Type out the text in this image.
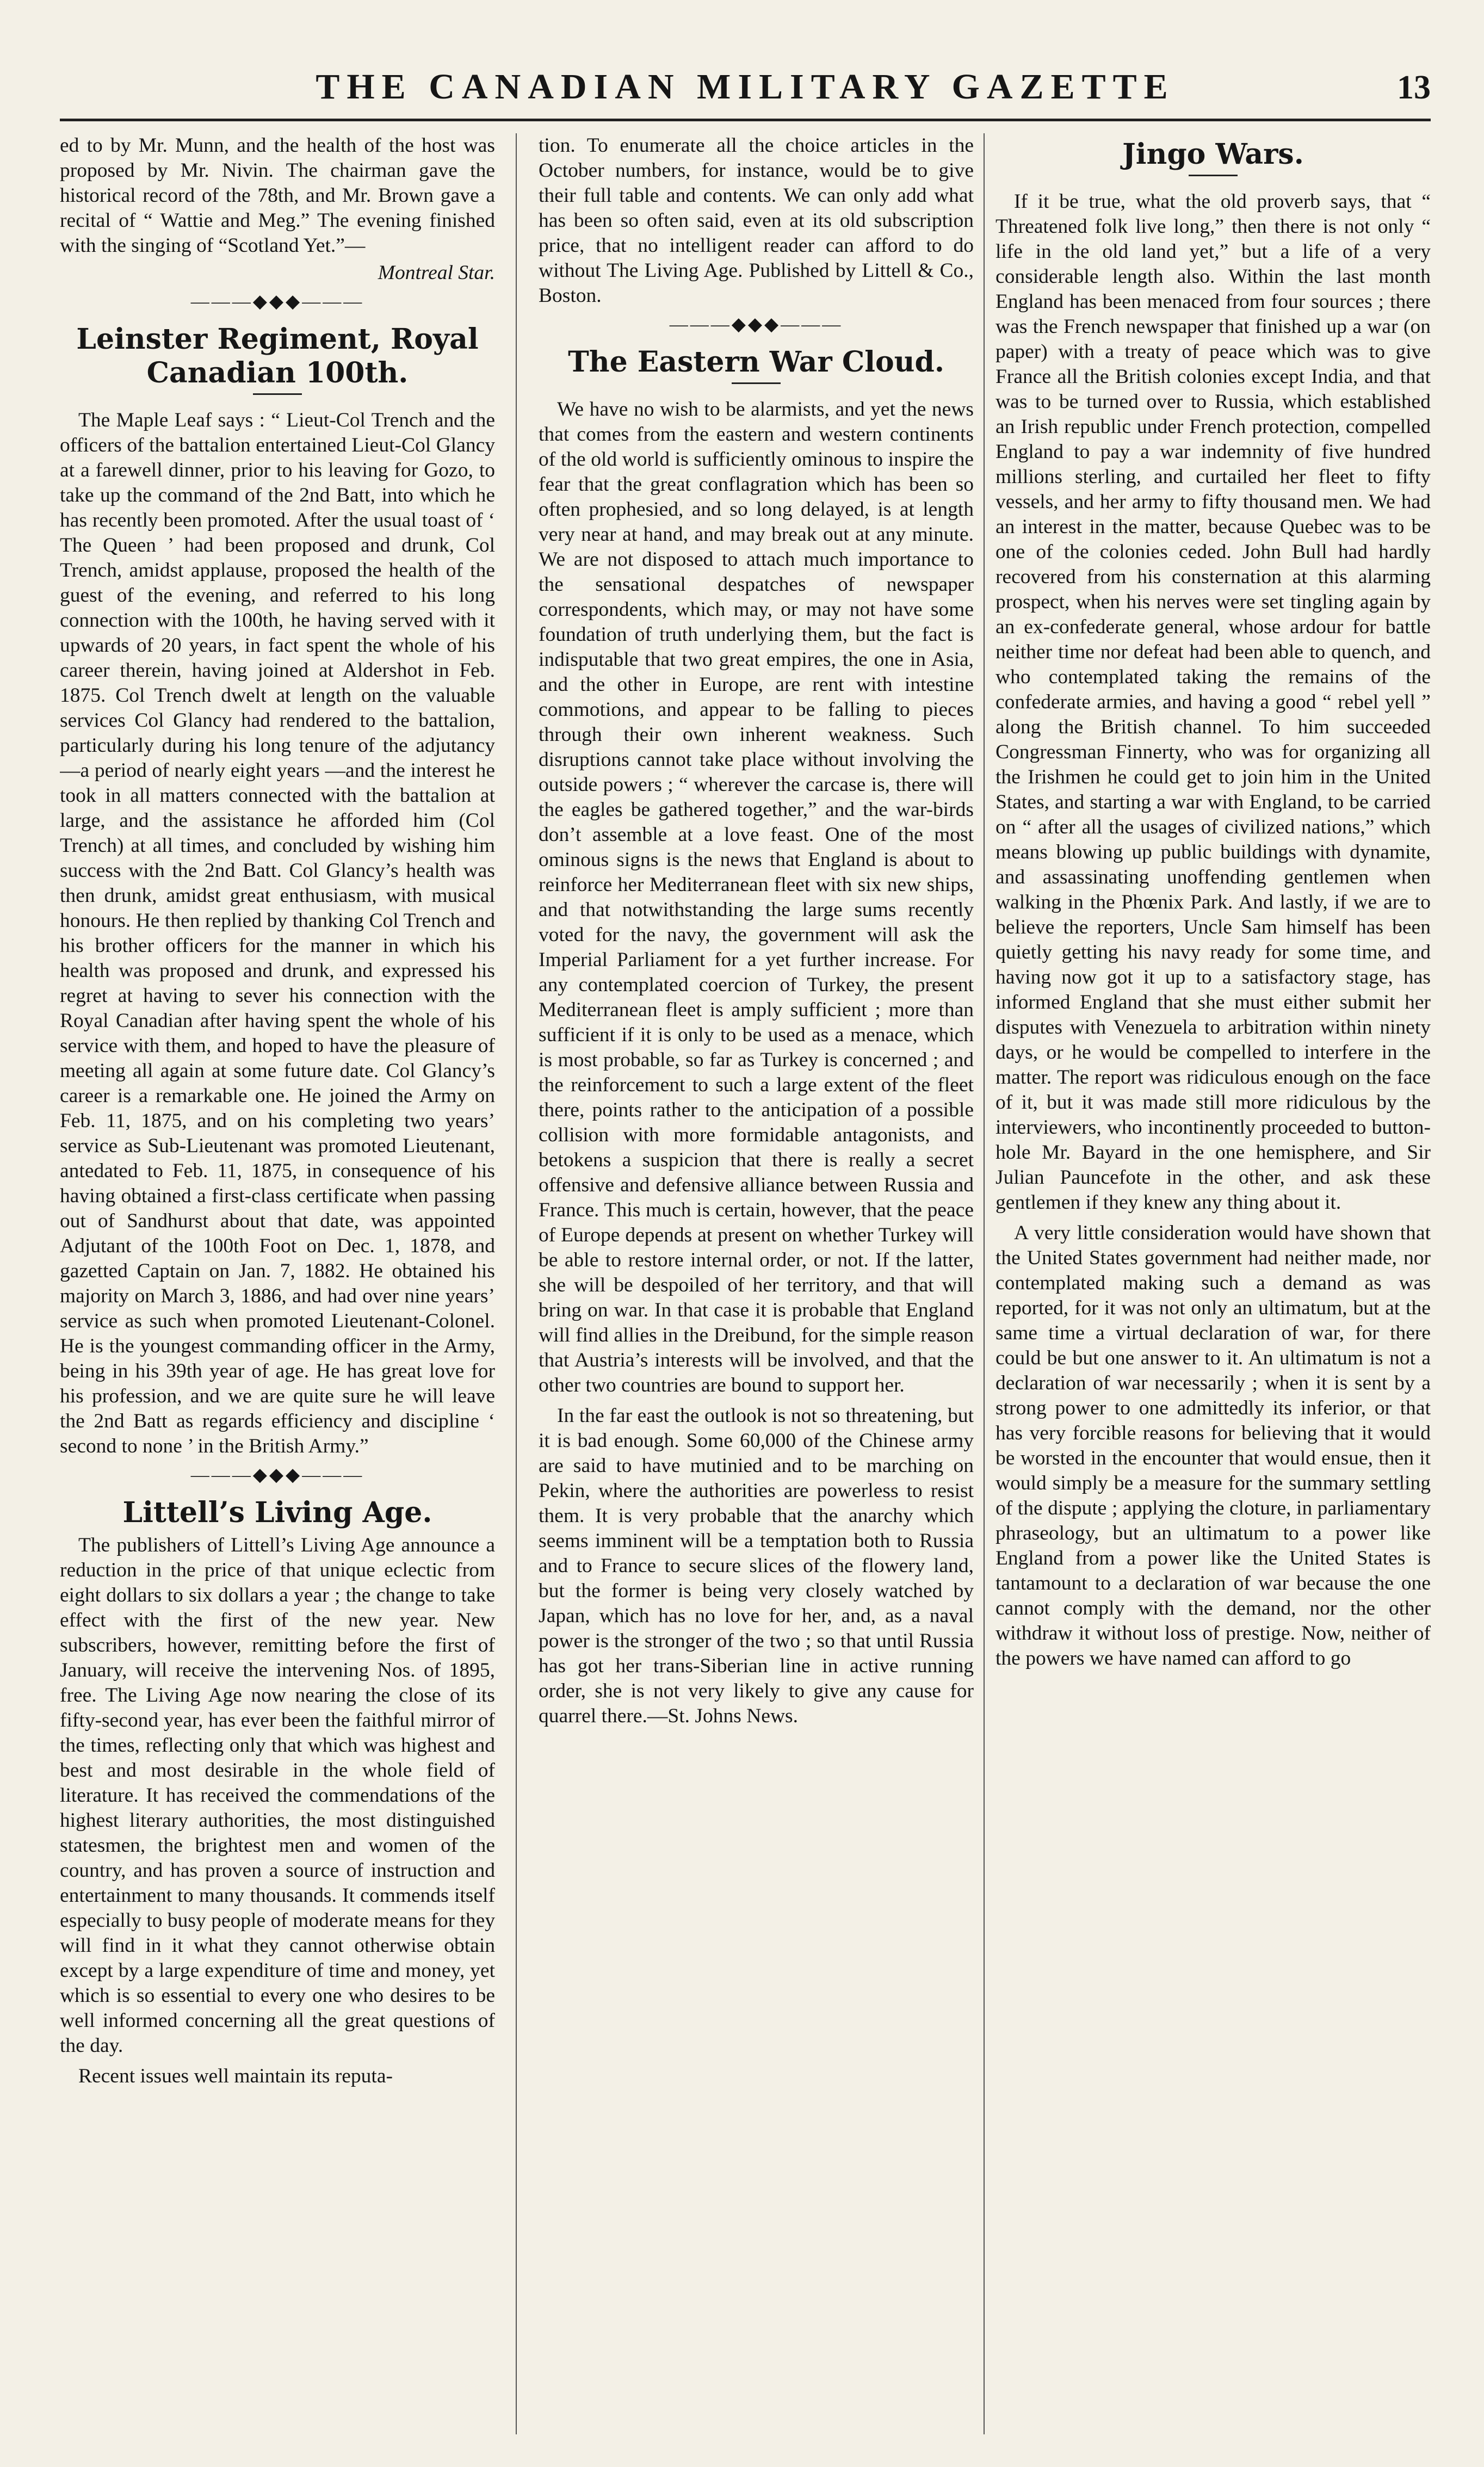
THE CANADIAN MILITARY GAZETTE	13

ed to by Mr. Munn, and the health of the host was proposed by Mr. Nivin. The chairman gave the historical record of the 78th, and Mr. Brown gave a recital of “ Wattie and Meg.” The evening finished with the singing of “Scotland Yet.”—

Montreal Star.

———◆◆◆———
Leinster Regiment, Royal Canadian 100th.

The Maple Leaf says : “ Lieut-Col Trench and the officers of the battalion entertained Lieut-Col Glancy at a farewell dinner, prior to his leaving for Gozo, to take up the command of the 2nd Batt, into which he has recently been promoted. After the usual toast of ‘ The Queen ’ had been proposed and drunk, Col Trench, amidst applause, proposed the health of the guest of the evening, and referred to his long connection with the 100th, he having served with it upwards of 20 years, in fact spent the whole of his career therein, having joined at Aldershot in Feb. 1875. Col Trench dwelt at length on the valuable services Col Glancy had rendered to the battalion, particularly during his long tenure of the adjutancy—a period of nearly eight years —and the interest he took in all matters connected with the battalion at large, and the assistance he afforded him (Col Trench) at all times, and concluded by wishing him success with the 2nd Batt. Col Glancy’s health was then drunk, amidst great enthusiasm, with musical honours. He then replied by thanking Col Trench and his brother officers for the manner in which his health was proposed and drunk, and expressed his regret at having to sever his connection with the Royal Canadian after having spent the whole of his service with them, and hoped to have the pleasure of meeting all again at some future date. Col Glancy’s career is a remarkable one. He joined the Army on Feb. 11, 1875, and on his completing two years’ service as Sub-Lieutenant was promoted Lieutenant, antedated to Feb. 11, 1875, in consequence of his having obtained a first-class certificate when passing out of Sandhurst about that date, was appointed Adjutant of the 100th Foot on Dec. 1, 1878, and gazetted Captain on Jan. 7, 1882. He obtained his majority on March 3, 1886, and had over nine years’ service as such when promoted Lieutenant-Colonel. He is the youngest commanding officer in the Army, being in his 39th year of age. He has great love for his profession, and we are quite sure he will leave the 2nd Batt as regards efficiency and discipline ‘ second to none ’ in the British Army.”

———◆◆◆———
Littell’s Living Age.

The publishers of Littell’s Living Age announce a reduction in the price of that unique eclectic from eight dollars to six dollars a year ; the change to take effect with the first of the new year. New subscribers, however, remitting before the first of January, will receive the intervening Nos. of 1895, free. The Living Age now nearing the close of its fifty-second year, has ever been the faithful mirror of the times, reflecting only that which was highest and best and most desirable in the whole field of literature. It has received the commendations of the highest literary authorities, the most distinguished statesmen, the brightest men and women of the country, and has proven a source of instruction and entertainment to many thousands. It commends itself especially to busy people of moderate means for they will find in it what they cannot otherwise obtain except by a large expenditure of time and money, yet which is so essential to every one who desires to be well informed concerning all the great questions of the day.

Recent issues well maintain its reputa-

tion. To enumerate all the choice articles in the October numbers, for instance, would be to give their full table and contents. We can only add what has been so often said, even at its old subscription price, that no intelligent reader can afford to do without The Living Age. Published by Littell & Co., Boston.

———◆◆◆———
The Eastern War Cloud.

We have no wish to be alarmists, and yet the news that comes from the eastern and western continents of the old world is sufficiently ominous to inspire the fear that the great conflagration which has been so often prophesied, and so long delayed, is at length very near at hand, and may break out at any minute. We are not disposed to attach much importance to the sensational despatches of newspaper correspondents, which may, or may not have some foundation of truth underlying them, but the fact is indisputable that two great empires, the one in Asia, and the other in Europe, are rent with intestine commotions, and appear to be falling to pieces through their own inherent weakness. Such disruptions cannot take place without involving the outside powers ; “ wherever the carcase is, there will the eagles be gathered together,” and the war-birds don’t assemble at a love feast. One of the most ominous signs is the news that England is about to reinforce her Mediterranean fleet with six new ships, and that notwithstanding the large sums recently voted for the navy, the government will ask the Imperial Parliament for a yet further increase. For any contemplated coercion of Turkey, the present Mediterranean fleet is amply sufficient ; more than sufficient if it is only to be used as a menace, which is most probable, so far as Turkey is concerned ; and the reinforcement to such a large extent of the fleet there, points rather to the anticipation of a possible collision with more formidable antagonists, and betokens a suspicion that there is really a secret offensive and defensive alliance between Russia and France. This much is certain, however, that the peace of Europe depends at present on whether Turkey will be able to restore internal order, or not. If the latter, she will be despoiled of her territory, and that will bring on war. In that case it is probable that England will find allies in the Dreibund, for the simple reason that Austria’s interests will be involved, and that the other two countries are bound to support her.

In the far east the outlook is not so threatening, but it is bad enough. Some 60,000 of the Chinese army are said to have mutinied and to be marching on Pekin, where the authorities are powerless to resist them. It is very probable that the anarchy which seems imminent will be a temptation both to Russia and to France to secure slices of the flowery land, but the former is being very closely watched by Japan, which has no love for her, and, as a naval power is the stronger of the two ; so that until Russia has got her trans-Siberian line in active running order, she is not very likely to give any cause for quarrel there.—St. Johns News.

Jingo Wars.

If it be true, what the old proverb says, that “ Threatened folk live long,” then there is not only “ life in the old land yet,” but a life of a very considerable length also. Within the last month England has been menaced from four sources ; there was the French newspaper that finished up a war (on paper) with a treaty of peace which was to give France all the British colonies except India, and that was to be turned over to Russia, which established an Irish republic under French protection, compelled England to pay a war indemnity of five hundred millions sterling, and curtailed her fleet to fifty vessels, and her army to fifty thousand men. We had an interest in the matter, because Quebec was to be one of the colonies ceded. John Bull had hardly recovered from his consternation at this alarming prospect, when his nerves were set tingling again by an ex-confederate general, whose ardour for battle neither time nor defeat had been able to quench, and who contemplated taking the remains of the confederate armies, and having a good “ rebel yell ” along the British channel. To him succeeded Congressman Finnerty, who was for organizing all the Irishmen he could get to join him in the United States, and starting a war with England, to be carried on “ after all the usages of civilized nations,” which means blowing up public buildings with dynamite, and assassinating unoffending gentlemen when walking in the Phœnix Park. And lastly, if we are to believe the reporters, Uncle Sam himself has been quietly getting his navy ready for some time, and having now got it up to a satisfactory stage, has informed England that she must either submit her disputes with Venezuela to arbitration within ninety days, or he would be compelled to interfere in the matter. The report was ridiculous enough on the face of it, but it was made still more ridiculous by the interviewers, who incontinently proceeded to button-hole Mr. Bayard in the one hemisphere, and Sir Julian Pauncefote in the other, and ask these gentlemen if they knew any thing about it.

A very little consideration would have shown that the United States government had neither made, nor contemplated making such a demand as was reported, for it was not only an ultimatum, but at the same time a virtual declaration of war, for there could be but one answer to it. An ultimatum is not a declaration of war necessarily ; when it is sent by a strong power to one admittedly its inferior, or that has very forcible reasons for believing that it would be worsted in the encounter that would ensue, then it would simply be a measure for the summary settling of the dispute ; applying the cloture, in parliamentary phraseology, but an ultimatum to a power like England from a power like the United States is tantamount to a declaration of war because the one cannot comply with the demand, nor the other withdraw it without loss of prestige. Now, neither of the powers we have named can afford to go
